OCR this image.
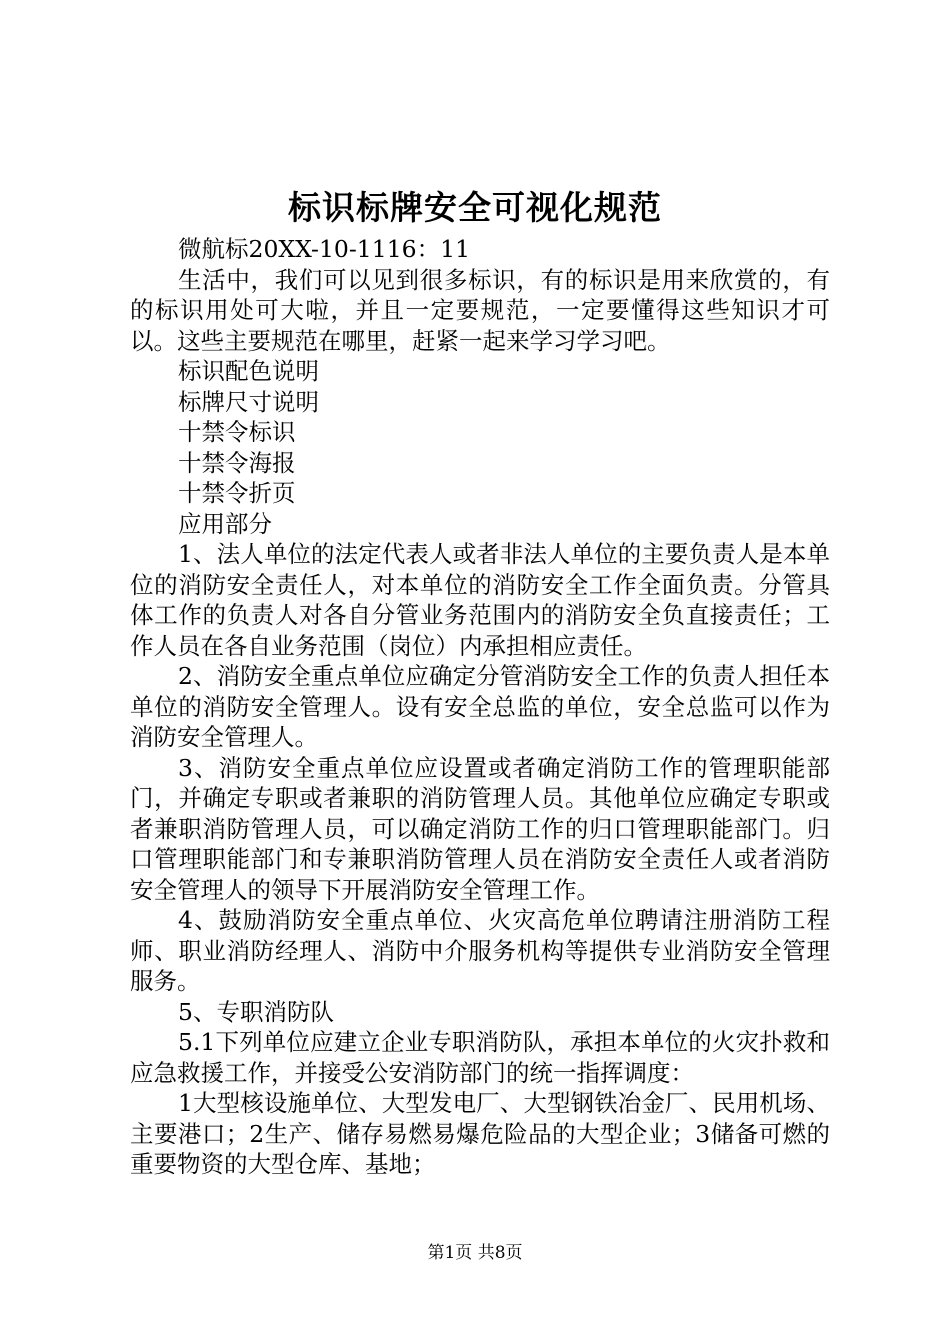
标识标牌安全可视化规范

微航标20XX-10-1116：11

生活中，我们可以见到很多标识，有的标识是用来欣赏的，有的标识用处可大啦，并且一定要规范，一定要懂得这些知识才可以。这些主要规范在哪里，赶紧一起来学习学习吧。

标识配色说明

标牌尺寸说明

十禁令标识

十禁令海报

十禁令折页

应用部分

1、法人单位的法定代表人或者非法人单位的主要负责人是本单位的消防安全责任人，对本单位的消防安全工作全面负责。分管具体工作的负责人对各自分管业务范围内的消防安全负直接责任；工作人员在各自业务范围（岗位）内承担相应责任。

2、消防安全重点单位应确定分管消防安全工作的负责人担任本单位的消防安全管理人。设有安全总监的单位，安全总监可以作为消防安全管理人。

3、消防安全重点单位应设置或者确定消防工作的管理职能部门，并确定专职或者兼职的消防管理人员。其他单位应确定专职或者兼职消防管理人员，可以确定消防工作的归口管理职能部门。归口管理职能部门和专兼职消防管理人员在消防安全责任人或者消防安全管理人的领导下开展消防安全管理工作。

4、鼓励消防安全重点单位、火灾高危单位聘请注册消防工程师、职业消防经理人、消防中介服务机构等提供专业消防安全管理服务。

5、专职消防队

5.1下列单位应建立企业专职消防队，承担本单位的火灾扑救和应急救援工作，并接受公安消防部门的统一指挥调度：

1大型核设施单位、大型发电厂、大型钢铁冶金厂、民用机场、主要港口；2生产、储存易燃易爆危险品的大型企业；3储备可燃的重要物资的大型仓库、基地；

第1页 共8页
